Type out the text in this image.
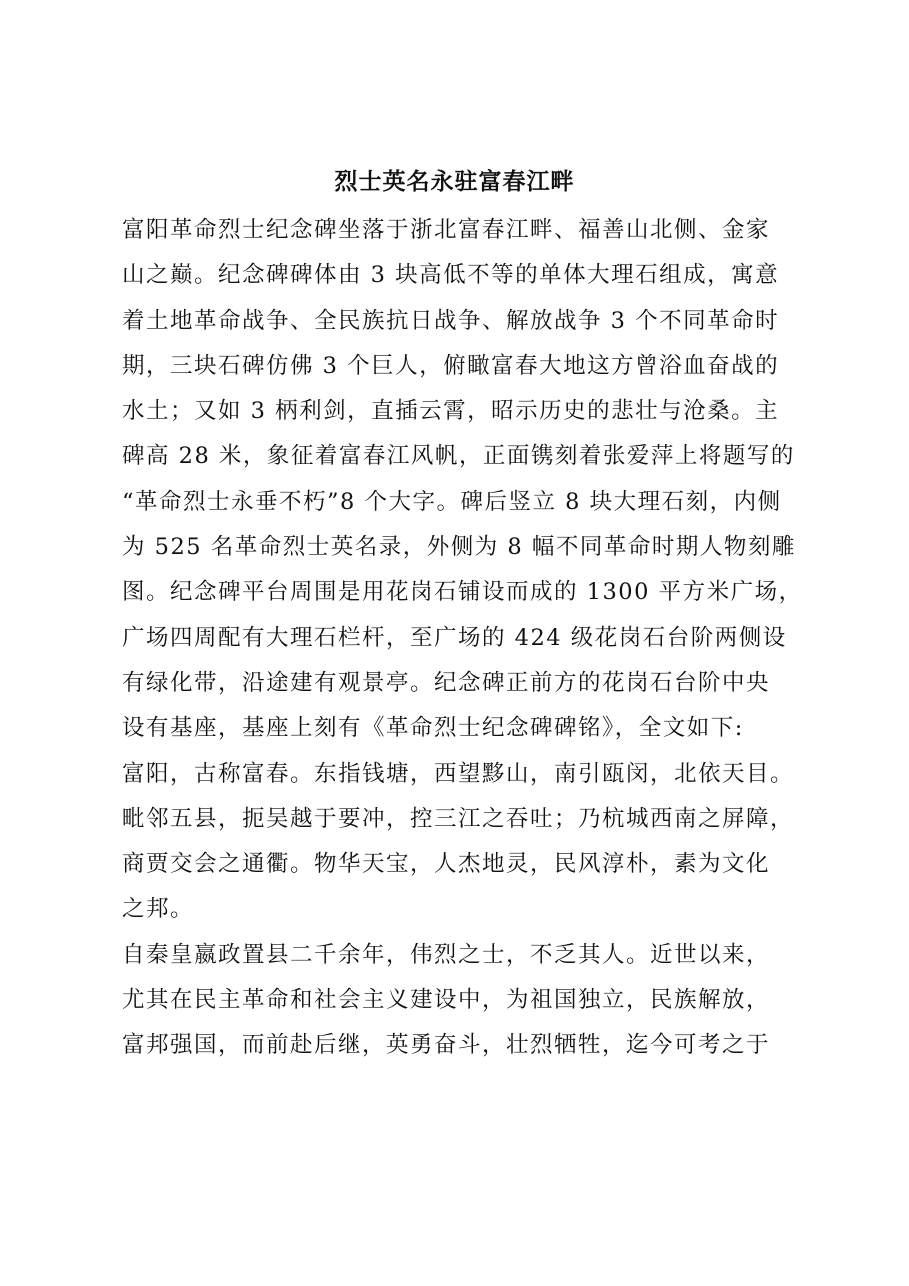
烈士英名永驻富春江畔
富阳革命烈士纪念碑坐落于浙北富春江畔、福善山北侧、金家
山之巅。纪念碑碑体由 3 块高低不等的单体大理石组成，寓意
着土地革命战争、全民族抗日战争、解放战争 3 个不同革命时
期，三块石碑仿佛 3 个巨人，俯瞰富春大地这方曾浴血奋战的
水土；又如 3 柄利剑，直插云霄，昭示历史的悲壮与沧桑。主
碑高 28 米，象征着富春江风帆，正面镌刻着张爱萍上将题写的
“革命烈士永垂不朽”8 个大字。碑后竖立 8 块大理石刻，内侧
为 525 名革命烈士英名录，外侧为 8 幅不同革命时期人物刻雕
图。纪念碑平台周围是用花岗石铺设而成的 1300 平方米广场，
广场四周配有大理石栏杆，至广场的 424 级花岗石台阶两侧设
有绿化带，沿途建有观景亭。纪念碑正前方的花岗石台阶中央
设有基座，基座上刻有《革命烈士纪念碑碑铭》，全文如下:
富阳，古称富春。东指钱塘，西望黟山，南引瓯闵，北依天目。
毗邻五县，扼吴越于要冲，控三江之吞吐；乃杭城西南之屏障，
商贾交会之通衢。物华天宝，人杰地灵，民风淳朴，素为文化
之邦。
自秦皇嬴政置县二千余年，伟烈之士，不乏其人。近世以来，
尤其在民主革命和社会主义建设中，为祖国独立，民族解放，
富邦强国，而前赴后继，英勇奋斗，壮烈牺牲，迄今可考之于
